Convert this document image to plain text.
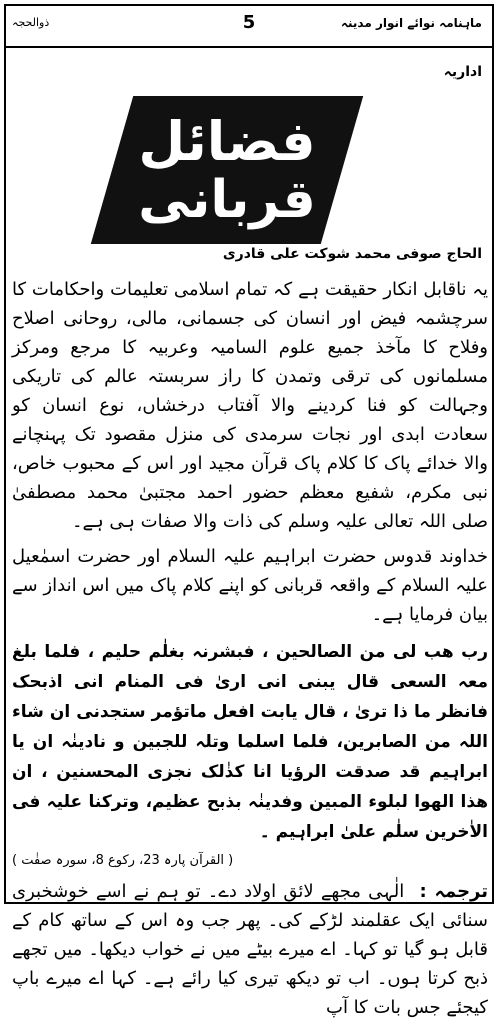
ذوالحجہ	5	ماہنامہ نوائے انوار مدینہ
اداریہ
فضائل
قربانی
الحاج صوفی محمد شوکت علی قادری

یہ ناقابل انکار حقیقت ہے کہ تمام اسلامی تعلیمات واحکامات کا سرچشمہ فیض اور انسان کی جسمانی، مالی، روحانی اصلاح وفلاح کا مآخذ جمیع علوم السامیہ وعربیہ کا مرجع ومرکز مسلمانوں کی ترقی وتمدن کا راز سربستہ عالم کی تاریکی وجہالت کو فنا کردینے والا آفتاب درخشاں، نوع انسان کو سعادت ابدی اور نجات سرمدی کی منزل مقصود تک پہنچانے والا خدائے پاک کا کلام پاک قرآن مجید اور اس کے محبوب خاص، نبی مکرم، شفیع معظم حضور احمد مجتبیٰ محمد مصطفیٰ صلی اللہ تعالی علیہ وسلم کی ذات والا صفات ہی ہے۔

خداوند قدوس حضرت ابراہیم علیہ السلام اور حضرت اسمٰعیل علیہ السلام کے واقعہ قربانی کو اپنے کلام پاک میں اس انداز سے بیان فرمایا ہے۔

رب ھب لی من الصالحین ، فبشرنہ بغلٰم حلیم ، فلما بلغ معہ السعی قال یبنی انی اریٰ فی المنام انی اذبحک فانظر ما ذا تریٰ ، قال یابت افعل ماتؤمر ستجدنی ان شاء اللہ من الصابرین، فلما اسلما وتلہ للجبین و نادینٰہ ان یا ابراہیم قد صدقت الرؤیا انا کذٰلک نجزی المحسنین ، ان ھذا الھوا لبلوء المبین وفدینٰہ بذبح عظیم، وترکنا علیہ فی الاٰخرین سلٰم علیٰ ابراہیم ۔

( القرآن پارہ 23، رکوع 8، سورہ صفٰت )

ترجمہ : الٰہی مجھے لائق اولاد دے۔ تو ہم نے اسے خوشخبری سنائی ایک عقلمند لڑکے کی۔ پھر جب وہ اس کے ساتھ کام کے قابل ہو گیا تو کہا۔ اے میرے بیٹے میں نے خواب دیکھا۔ میں تجھے ذبح کرتا ہوں۔ اب تو دیکھ تیری کیا رائے ہے۔ کہا اے میرے باپ کیجئے جس بات کا آپ
